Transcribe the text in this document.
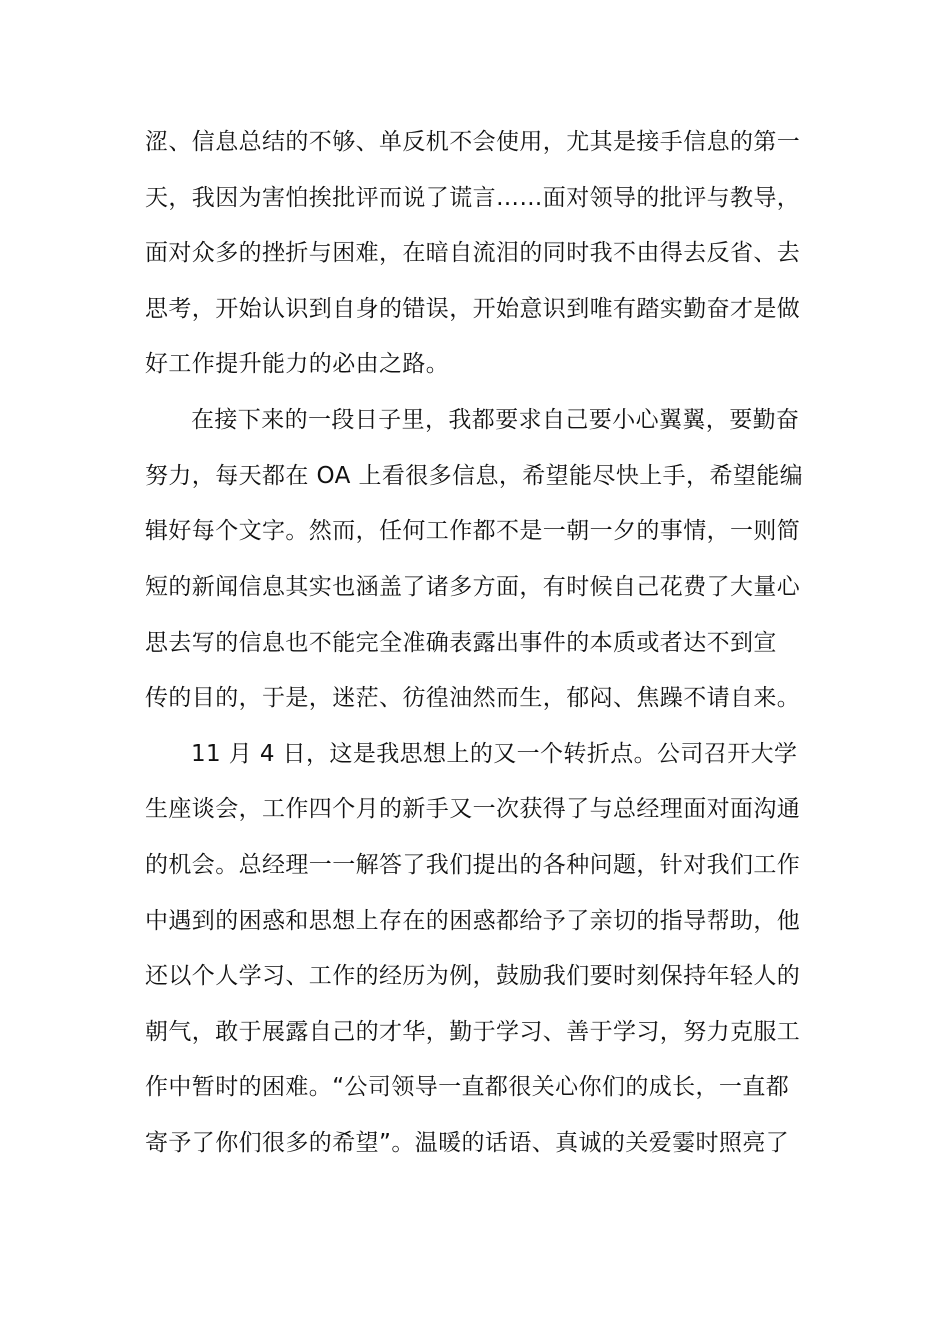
涩、信息总结的不够、单反机不会使用，尤其是接手信息的第一
天，我因为害怕挨批评而说了谎言……面对领导的批评与教导，
面对众多的挫折与困难，在暗自流泪的同时我不由得去反省、去
思考，开始认识到自身的错误，开始意识到唯有踏实勤奋才是做
好工作提升能力的必由之路。
在接下来的一段日子里，我都要求自己要小心翼翼，要勤奋
努力，每天都在 OA 上看很多信息，希望能尽快上手，希望能编
辑好每个文字。然而，任何工作都不是一朝一夕的事情，一则简
短的新闻信息其实也涵盖了诸多方面，有时候自己花费了大量心
思去写的信息也不能完全准确表露出事件的本质或者达不到宣
传的目的，于是，迷茫、彷徨油然而生，郁闷、焦躁不请自来。
11 月 4 日，这是我思想上的又一个转折点。公司召开大学
生座谈会，工作四个月的新手又一次获得了与总经理面对面沟通
的机会。总经理一一解答了我们提出的各种问题，针对我们工作
中遇到的困惑和思想上存在的困惑都给予了亲切的指导帮助，他
还以个人学习、工作的经历为例，鼓励我们要时刻保持年轻人的
朝气，敢于展露自己的才华，勤于学习、善于学习，努力克服工
作中暂时的困难。“公司领导一直都很关心你们的成长，一直都
寄予了你们很多的希望”。温暖的话语、真诚的关爱霎时照亮了
